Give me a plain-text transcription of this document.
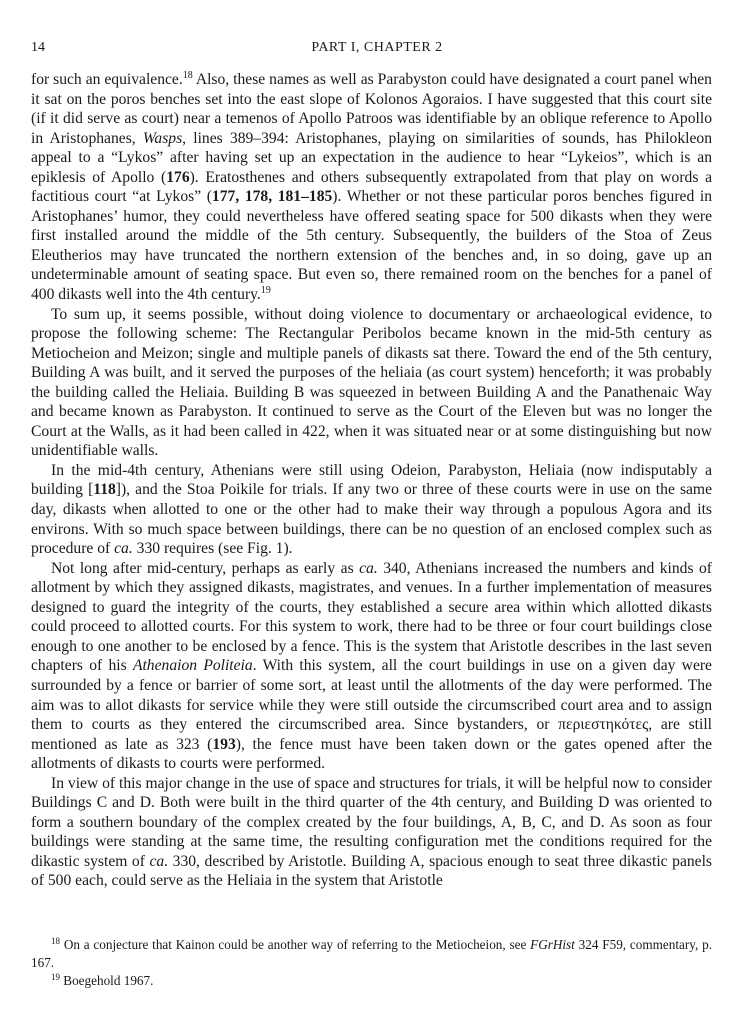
14	PART I, CHAPTER 2

for such an equivalence.$^{18}$ Also, these names as well as Parabyston could have designated a court panel when it sat on the poros benches set into the east slope of Kolonos Agoraios. I have suggested that this court site (if it did serve as court) near a temenos of Apollo Patroos was identifiable by an oblique reference to Apollo in Aristophanes, Wasps, lines 389–394: Aristophanes, playing on similarities of sounds, has Philokleon appeal to a “Lykos” after having set up an expectation in the audience to hear “Lykeios”, which is an epiklesis of Apollo (176). Eratosthenes and others subsequently extrapolated from that play on words a factitious court “at Lykos” (177, 178, 181–185). Whether or not these particular poros benches figured in Aristophanes’ humor, they could nevertheless have offered seating space for 500 dikasts when they were first installed around the middle of the 5th century. Subsequently, the builders of the Stoa of Zeus Eleutherios may have truncated the northern extension of the benches and, in so doing, gave up an undeterminable amount of seating space. But even so, there remained room on the benches for a panel of 400 dikasts well into the 4th century.$^{19}$

To sum up, it seems possible, without doing violence to documentary or archaeological evidence, to propose the following scheme: The Rectangular Peribolos became known in the mid-5th century as Metiocheion and Meizon; single and multiple panels of dikasts sat there. Toward the end of the 5th century, Building A was built, and it served the purposes of the heliaia (as court system) henceforth; it was probably the building called the Heliaia. Building B was squeezed in between Building A and the Panathenaic Way and became known as Parabyston. It continued to serve as the Court of the Eleven but was no longer the Court at the Walls, as it had been called in 422, when it was situated near or at some distinguishing but now unidentifiable walls.

In the mid-4th century, Athenians were still using Odeion, Parabyston, Heliaia (now indisputably a building [118]), and the Stoa Poikile for trials. If any two or three of these courts were in use on the same day, dikasts when allotted to one or the other had to make their way through a populous Agora and its environs. With so much space between buildings, there can be no question of an enclosed complex such as procedure of ca. 330 requires (see Fig. 1).

Not long after mid-century, perhaps as early as ca. 340, Athenians increased the numbers and kinds of allotment by which they assigned dikasts, magistrates, and venues. In a further implementation of measures designed to guard the integrity of the courts, they established a secure area within which allotted dikasts could proceed to allotted courts. For this system to work, there had to be three or four court buildings close enough to one another to be enclosed by a fence. This is the system that Aristotle describes in the last seven chapters of his Athenaion Politeia. With this system, all the court buildings in use on a given day were surrounded by a fence or barrier of some sort, at least until the allotments of the day were performed. The aim was to allot dikasts for service while they were still outside the circumscribed court area and to assign them to courts as they entered the circumscribed area. Since bystanders, or περιεστηκότες, are still mentioned as late as 323 (193), the fence must have been taken down or the gates opened after the allotments of dikasts to courts were performed.

In view of this major change in the use of space and structures for trials, it will be helpful now to consider Buildings C and D. Both were built in the third quarter of the 4th century, and Building D was oriented to form a southern boundary of the complex created by the four buildings, A, B, C, and D. As soon as four buildings were standing at the same time, the resulting configuration met the conditions required for the dikastic system of ca. 330, described by Aristotle. Building A, spacious enough to seat three dikastic panels of 500 each, could serve as the Heliaia in the system that Aristotle

$^{18}$ On a conjecture that Kainon could be another way of referring to the Metiocheion, see FGrHist 324 F59, commentary, p. 167.

$^{19}$ Boegehold 1967.
